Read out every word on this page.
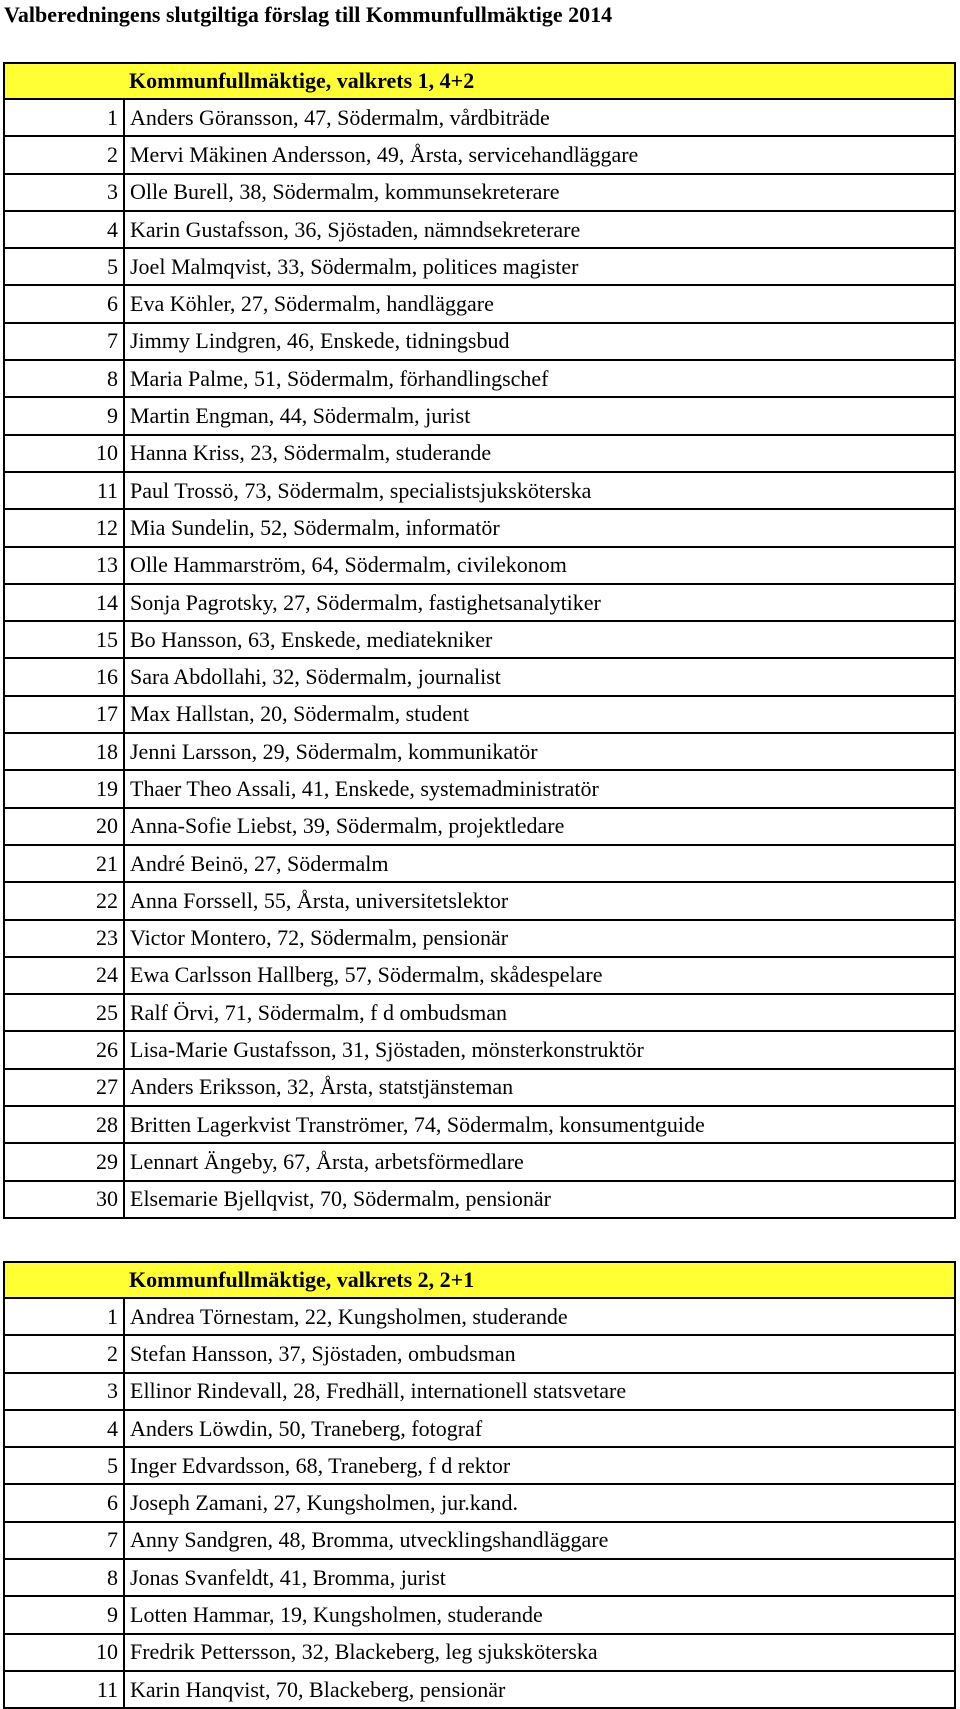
Valberedningens slutgiltiga förslag till Kommunfullmäktige 2014
	Kommunfullmäktige, valkrets 1, 4+2
1	Anders Göransson, 47, Södermalm, vårdbiträde
2	Mervi Mäkinen Andersson, 49, Årsta, servicehandläggare
3	Olle Burell, 38, Södermalm, kommunsekreterare
4	Karin Gustafsson, 36, Sjöstaden, nämndsekreterare
5	Joel Malmqvist, 33, Södermalm, politices magister
6	Eva Köhler, 27, Södermalm, handläggare
7	Jimmy Lindgren, 46, Enskede, tidningsbud
8	Maria Palme, 51, Södermalm, förhandlingschef
9	Martin Engman, 44, Södermalm, jurist
10	Hanna Kriss, 23, Södermalm, studerande
11	Paul Trossö, 73, Södermalm, specialistsjuksköterska
12	Mia Sundelin, 52, Södermalm, informatör
13	Olle Hammarström, 64, Södermalm, civilekonom
14	Sonja Pagrotsky, 27, Södermalm, fastighetsanalytiker
15	Bo Hansson, 63, Enskede, mediatekniker
16	Sara Abdollahi, 32, Södermalm, journalist
17	Max Hallstan, 20, Södermalm, student
18	Jenni Larsson, 29, Södermalm, kommunikatör
19	Thaer Theo Assali, 41, Enskede, systemadministratör
20	Anna-Sofie Liebst, 39, Södermalm, projektledare
21	André Beinö, 27, Södermalm
22	Anna Forssell, 55, Årsta, universitetslektor
23	Victor Montero, 72, Södermalm, pensionär
24	Ewa Carlsson Hallberg, 57, Södermalm, skådespelare
25	Ralf Örvi, 71, Södermalm, f d ombudsman
26	Lisa-Marie Gustafsson, 31, Sjöstaden, mönsterkonstruktör
27	Anders Eriksson, 32, Årsta, statstjänsteman
28	Britten Lagerkvist Tranströmer, 74, Södermalm, konsumentguide
29	Lennart Ängeby, 67, Årsta, arbetsförmedlare
30	Elsemarie Bjellqvist, 70, Södermalm, pensionär
	Kommunfullmäktige, valkrets 2, 2+1
1	Andrea Törnestam, 22, Kungsholmen, studerande
2	Stefan Hansson, 37, Sjöstaden, ombudsman
3	Ellinor Rindevall, 28, Fredhäll, internationell statsvetare
4	Anders Löwdin, 50, Traneberg, fotograf
5	Inger Edvardsson, 68, Traneberg, f d rektor
6	Joseph Zamani, 27, Kungsholmen, jur.kand.
7	Anny Sandgren, 48, Bromma, utvecklingshandläggare
8	Jonas Svanfeldt, 41, Bromma, jurist
9	Lotten Hammar, 19, Kungsholmen, studerande
10	Fredrik Pettersson, 32, Blackeberg, leg sjuksköterska
11	Karin Hanqvist, 70, Blackeberg, pensionär
